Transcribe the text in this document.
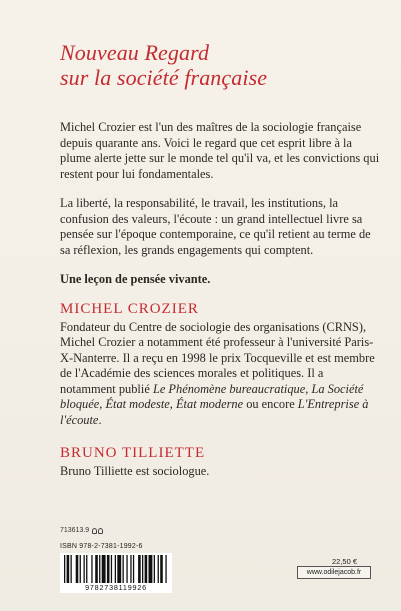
Nouveau Regard
sur la société française

Michel Crozier est l'un des maîtres de la sociologie française depuis quarante ans. Voici le regard que cet esprit libre à la plume alerte jette sur le monde tel qu'il va, et les convictions qui restent pour lui fondamentales.

La liberté, la responsabilité, le travail, les institutions, la confusion des valeurs, l'écoute : un grand intellectuel livre sa pensée sur l'époque contemporaine, ce qu'il retient au terme de sa réflexion, les grands engagements qui comptent.

Une leçon de pensée vivante.

MICHEL CROZIER

Fondateur du Centre de sociologie des organisations (CRNS), Michel Crozier a notamment été professeur à l'université Paris-X-Nanterre. Il a reçu en 1998 le prix Tocqueville et est membre de l'Académie des sciences morales et politiques. Il a notamment publié Le Phénomène bureaucratique, La Société bloquée, État modeste, État moderne ou encore L'Entreprise à l'écoute.

BRUNO TILLIETTE

Bruno Tilliette est sociologue.

713613.9
ISBN 978-2-7381-1992-6
9782738119926
22,50 €
www.odilejacob.fr
